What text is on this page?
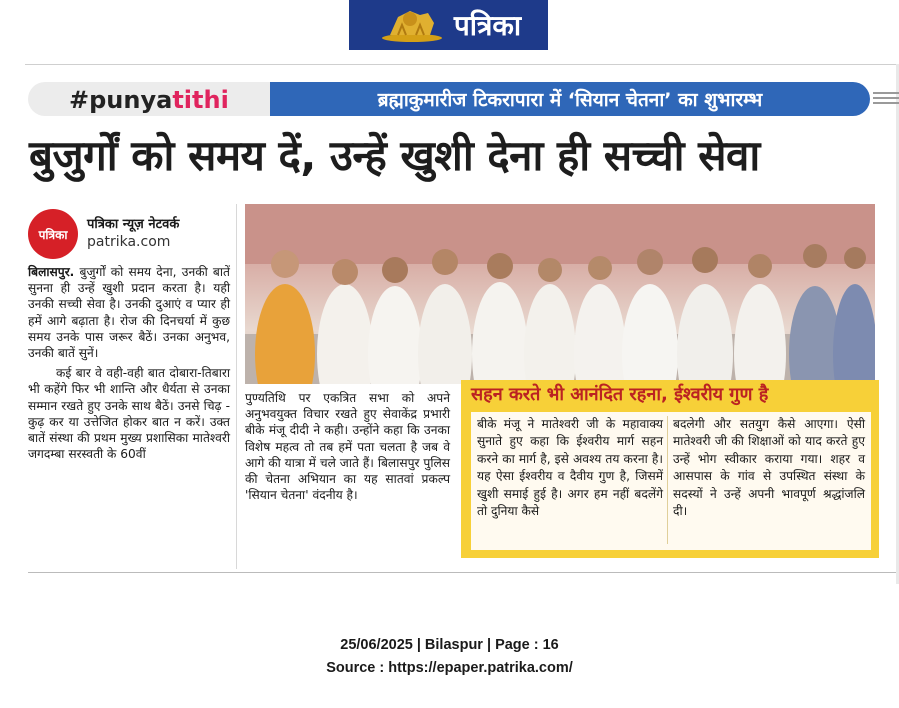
पत्रिका
#punyatithi	ब्रह्माकुमारीज टिकरापारा में ‘सियान चेतना’ का शुभारम्भ
बुजुर्गों को समय दें, उन्हें खुशी देना ही सच्ची सेवा
पत्रिका
पत्रिका न्यूज़ नेटवर्क
patrika.com

बिलासपुर. बुजुर्गों को समय देना, उनकी बातें सुनना ही उन्हें खुशी प्रदान करता है। यही उनकी सच्ची सेवा है। उनकी दुआएं व प्यार ही हमें आगे बढ़ाता है। रोज की दिनचर्या में कुछ समय उनके पास जरूर बैठें। उनका अनुभव, उनकी बातें सुनें।

कई बार वे वही-वही बात दोबारा-तिबारा भी कहेंगे फिर भी शान्ति और धैर्यता से उनका सम्मान रखते हुए उनके साथ बैठें। उनसे चिढ़ - कुढ़ कर या उत्तेजित होकर बात न करें। उक्त बातें संस्था की प्रथम मुख्य प्रशासिका मातेश्वरी जगदम्बा सरस्वती के 60वीं

पुण्यतिथि पर एकत्रित सभा को अपने अनुभवयुक्त विचार रखते हुए सेवाकेंद्र प्रभारी बीके मंजू दीदी ने कही। उन्होंने कहा कि उनका विशेष महत्व तो तब हमें पता चलता है जब वे आगे की यात्रा में चले जाते हैं। बिलासपुर पुलिस की चेतना अभियान का यह सातवां प्रकल्प 'सियान चेतना' वंदनीय है।

सहन करते भी आनंदित रहना, ईश्वरीय गुण है

बीके मंजू ने मातेश्वरी जी के महावाक्य सुनाते हुए कहा कि ईश्वरीय मार्ग सहन करने का मार्ग है, इसे अवश्य तय करना है। यह ऐसा ईश्वरीय व दैवीय गुण है, जिसमें खुशी समाई हुई है। अगर हम नहीं बदलेंगे तो दुनिया कैसे

बदलेगी और सतयुग कैसे आएगा। ऐसी मातेश्वरी जी की शिक्षाओं को याद करते हुए उन्हें भोग स्वीकार कराया गया। शहर व आसपास के गांव से उपस्थित संस्था के सदस्यों ने उन्हें अपनी भावपूर्ण श्रद्धांजलि दी।

25/06/2025 | Bilaspur | Page : 16
Source : https://epaper.patrika.com/
